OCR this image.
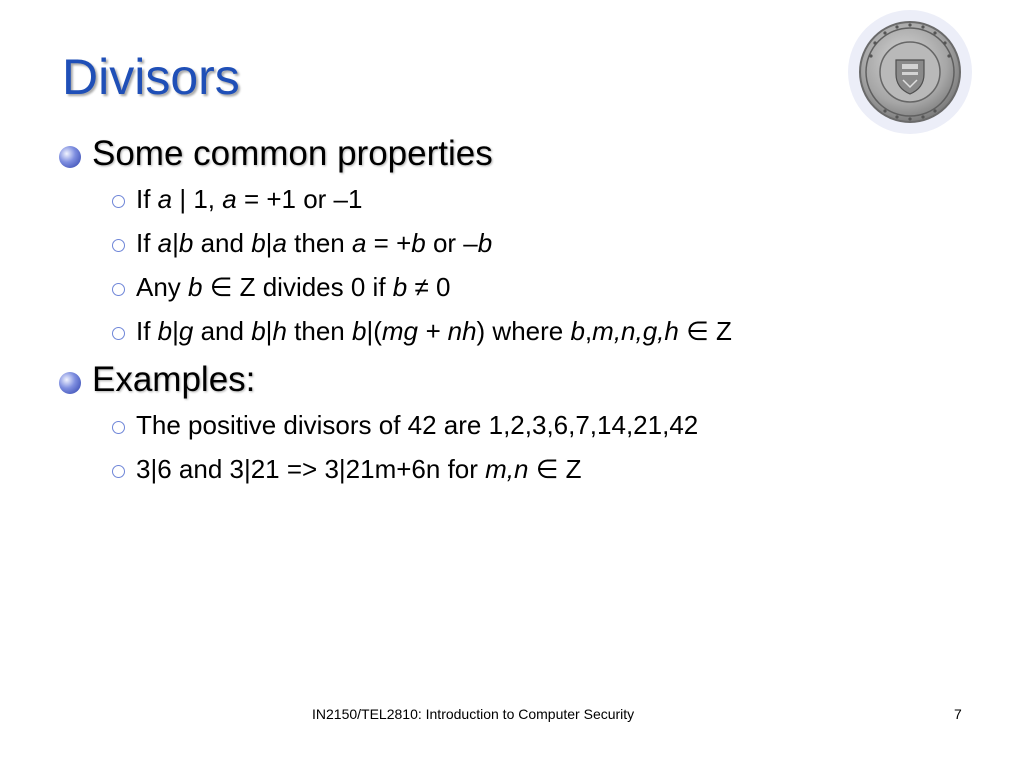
Divisors
Some common properties
If a | 1, a = +1 or –1
If a|b and b|a then a = +b or –b
Any b ∈ Z divides 0 if b ≠ 0
If b|g and b|h then b|(mg + nh) where b,m,n,g,h ∈ Z
Examples:
The positive divisors of 42 are 1,2,3,6,7,14,21,42
3|6 and 3|21 => 3|21m+6n for m,n ∈ Z
IN2150/TEL2810: Introduction to Computer Security	7
